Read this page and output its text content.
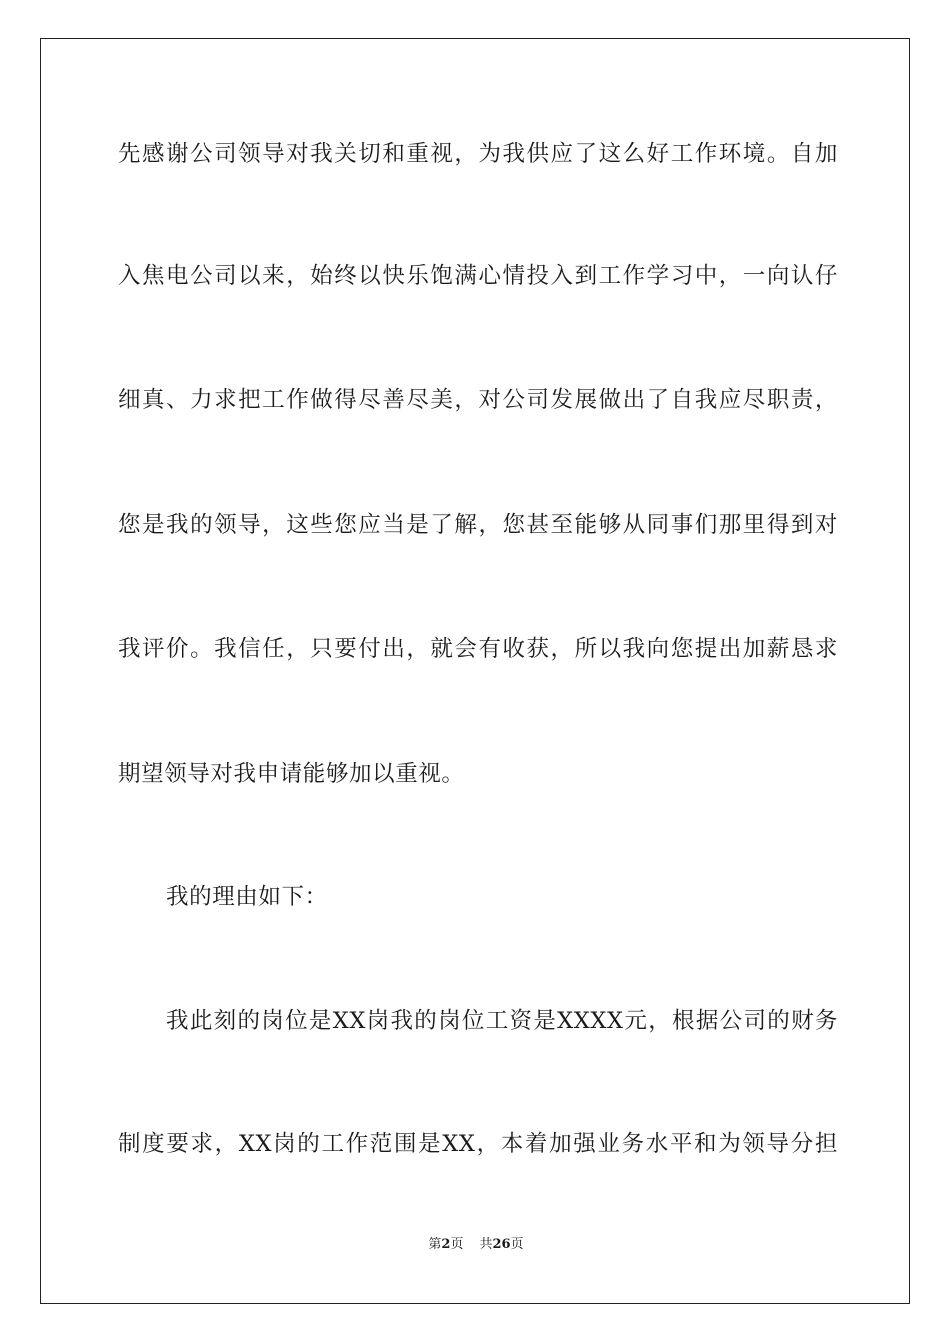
先感谢公司领导对我关切和重视，为我供应了这么好工作环境。自加
入焦电公司以来，始终以快乐饱满心情投入到工作学习中，一向认仔
细真、力求把工作做得尽善尽美，对公司发展做出了自我应尽职责，
您是我的领导，这些您应当是了解，您甚至能够从同事们那里得到对
我评价。我信任，只要付出，就会有收获，所以我向您提出加薪恳求
期望领导对我申请能够加以重视。
我的理由如下：
我此刻的岗位是XX岗我的岗位工资是XXXX元，根据公司的财务
制度要求，XX岗的工作范围是XX，本着加强业务水平和为领导分担
第2页 共26页
